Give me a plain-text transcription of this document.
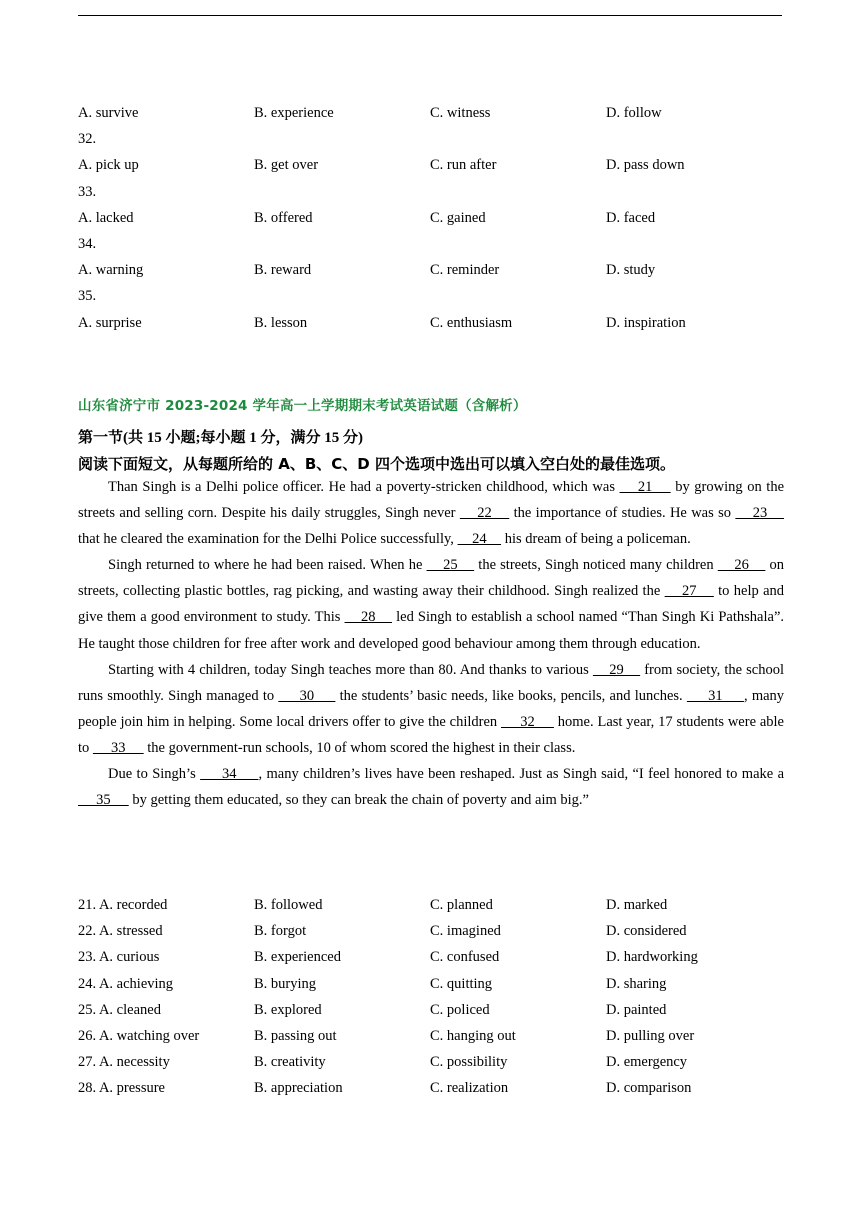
A. survive	B. experience	C. witness	D. follow
32.
A. pick up	B. get over	C. run after	D. pass down
33.
A. lacked	B. offered	C. gained	D. faced
34.
A. warning	B. reward	C. reminder	D. study
35.
A. surprise	B. lesson	C. enthusiasm	D. inspiration
山东省济宁市 2023-2024 学年高一上学期期末考试英语试题（含解析）
第一节(共 15 小题;每小题 1 分，满分 15 分)
阅读下面短文，从每题所给的 A、B、C、D 四个选项中选出可以填入空白处的最佳选项。

Than Singh is a Delhi police officer. He had a poverty-stricken childhood, which was     21     by growing on the streets and selling corn. Despite his daily struggles, Singh never     22     the importance of studies. He was so     23     that he cleared the examination for the Delhi Police successfully,     24     his dream of being a policeman.

Singh returned to where he had been raised. When he     25     the streets, Singh noticed many children     26     on streets, collecting plastic bottles, rag picking, and wasting away their childhood. Singh realized the     27     to help and give them a good environment to study. This     28     led Singh to establish a school named “Than Singh Ki Pathshala”. He taught those children for free after work and developed good behaviour among them through education.

Starting with 4 children, today Singh teaches more than 80. And thanks to various     29     from society, the school runs smoothly. Singh managed to      30      the students’ basic needs, like books, pencils, and lunches.      31     , many people join him in helping. Some local drivers offer to give the children      32      home. Last year, 17 students were able to      33      the government-run schools, 10 of whom scored the highest in their class.

Due to Singh’s      34     , many children’s lives have been reshaped. Just as Singh said, “I feel honored to make a      35      by getting them educated, so they can break the chain of poverty and aim big.”

21. A. recorded	B. followed	C. planned	D. marked
22. A. stressed	B. forgot	C. imagined	D. considered
23. A. curious	B. experienced	C. confused	D. hardworking
24. A. achieving	B. burying	C. quitting	D. sharing
25. A. cleaned	B. explored	C. policed	D. painted
26. A. watching over	B. passing out	C. hanging out	D. pulling over
27. A. necessity	B. creativity	C. possibility	D. emergency
28. A. pressure	B. appreciation	C. realization	D. comparison
